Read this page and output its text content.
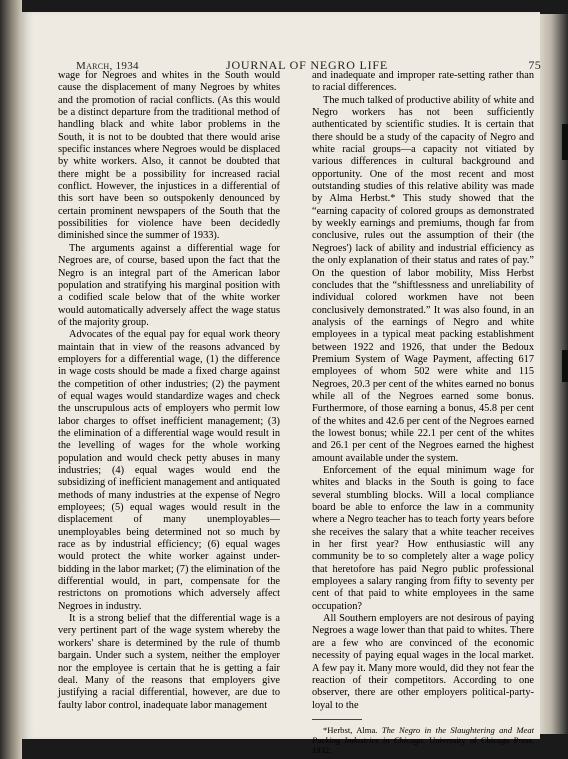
March, 1934	JOURNAL OF NEGRO LIFE	75

wage for Negroes and whites in the South would cause the displacement of many Negroes by whites and the promotion of racial conflicts. (As this would be a distinct departure from the traditional method of handling black and white labor problems in the South, it is not to be doubted that there would arise specific instances where Negroes would be displaced by white workers. Also, it cannot be doubted that there might be a possibility for increased racial conflict. However, the injustices in a differential of this sort have been so outspokenly denounced by certain prominent newspapers of the South that the possibilities for violence have been decidedly diminished since the summer of 1933).

The arguments against a differential wage for Negroes are, of course, based upon the fact that the Negro is an integral part of the American labor population and stratifying his marginal position with a codified scale below that of the white worker would automatically adversely affect the wage status of the majority group.

Advocates of the equal pay for equal work theory maintain that in view of the reasons advanced by employers for a differential wage, (1) the difference in wage costs should be made a fixed charge against the competition of other industries; (2) the payment of equal wages would standardize wages and check the unscrupulous acts of employers who permit low labor charges to offset inefficient management; (3) the elimination of a differential wage would result in the levelling of wages for the whole working population and would check petty abuses in many industries; (4) equal wages would end the subsidizing of inefficient management and antiquated methods of many industries at the expense of Negro employees; (5) equal wages would result in the displacement of many unemployables—unemployables being determined not so much by race as by industrial efficiency; (6) equal wages would protect the white worker against under-bidding in the labor market; (7) the elimination of the differential would, in part, compensate for the restrictons on promotions which adversely affect Negroes in industry.

It is a strong belief that the differential wage is a very pertinent part of the wage system whereby the workers' share is determined by the rule of thumb bargain. Under such a system, neither the employer nor the employee is certain that he is getting a fair deal. Many of the reasons that employers give justifying a racial differential, however, are due to faulty labor control, inadequate labor management

and inadequate and improper rate-setting rather than to racial differences.

The much talked of productive ability of white and Negro workers has not been sufficiently authenticated by scientific studies. It is certain that there should be a study of the capacity of Negro and white racial groups—a capacity not vitiated by various differences in cultural background and opportunity. One of the most recent and most outstanding studies of this relative ability was made by Alma Herbst.* This study showed that the “earning capacity of colored groups as demonstrated by weekly earnings and premiums, though far from conclusive, rules out the assumption of their (the Negroes') lack of ability and industrial efficiency as the only explanation of their status and rates of pay.” On the question of labor mobility, Miss Herbst concludes that the “shiftlessness and unreliability of individual colored workmen have not been conclusively demonstrated.” It was also found, in an analysis of the earnings of Negro and white employees in a typical meat packing establishment between 1922 and 1926, that under the Bedoux Premium System of Wage Payment, affecting 617 employees of whom 502 were white and 115 Negroes, 20.3 per cent of the whites earned no bonus while all of the Negroes earned some bonus. Furthermore, of those earning a bonus, 45.8 per cent of the whites and 42.6 per cent of the Negroes earned the lowest bonus; while 22.1 per cent of the whites and 26.1 per cent of the Negroes earned the highest amount available under the system.

Enforcement of the equal minimum wage for whites and blacks in the South is going to face several stumbling blocks. Will a local compliance board be able to enforce the law in a community where a Negro teacher has to teach forty years before she receives the salary that a white teacher receives in her first year? How enthusiastic will any community be to so completely alter a wage policy that heretofore has paid Negro public professional employees a salary ranging from fifty to seventy per cent of that paid to white employees in the same occupation?

All Southern employers are not desirous of paying Negroes a wage lower than that paid to whites. There are a few who are convinced of the economic necessity of paying equal wages in the local market. A few pay it. Many more would, did they not fear the reaction of their competitors. According to one observer, there are other employers political-party-loyal to the

*Herbst, Alma. The Negro in the Slaughtering and Meat Packing Industries in Chicago. University of Chicago Press. 1932.
